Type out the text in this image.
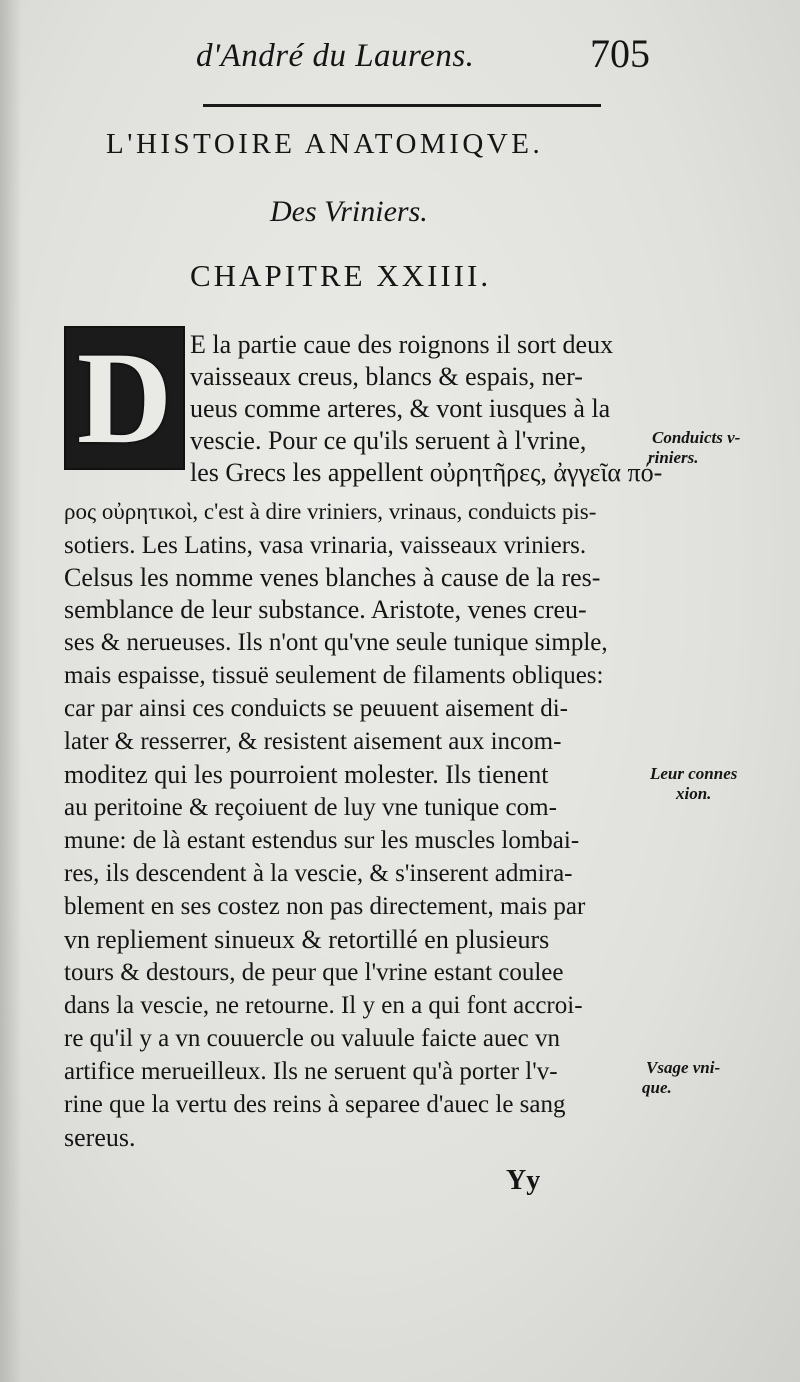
d'André du Laurens.	705
L'HISTOIRE ANATOMIQVE.
Des Vriniers.
CHAPITRE XXIIII.
D E la partie caue des roignons il sort deux
vaisseaux creus, blancs & espais, ner-
ueus comme arteres, & vont iusques à la
vescie. Pour ce qu'ils seruent à l'vrine,
les Grecs les appellent οὐρητῆρες, ἀγγεῖα πό-
ρος οὐρητικοὶ, c'est à dire vriniers, vrinaus, conduicts pis-
sotiers. Les Latins, vasa vrinaria, vaisseaux vriniers.
Celsus les nomme venes blanches à cause de la res-
semblance de leur substance. Aristote, venes creu-
ses & nerueuses. Ils n'ont qu'vne seule tunique simple,
mais espaisse, tissuë seulement de filaments obliques:
car par ainsi ces conduicts se peuuent aisement di-
later & resserrer, & resistent aisement aux incom-
moditez qui les pourroient molester. Ils tienent
au peritoine & reçoiuent de luy vne tunique com-
mune: de là estant estendus sur les muscles lombai-
res, ils descendent à la vescie, & s'inserent admira-
blement en ses costez non pas directement, mais par
vn repliement sinueux & retortillé en plusieurs
tours & destours, de peur que l'vrine estant coulee
dans la vescie, ne retourne. Il y en a qui font accroi-
re qu'il y a vn couuercle ou valuule faicte auec vn
artifice merueilleux. Ils ne seruent qu'à porter l'v-
rine que la vertu des reins à separee d'auec le sang
sereus.
Conduicts v-
riniers.
Leur connes
xion.
Vsage vni-
que.
Yy
